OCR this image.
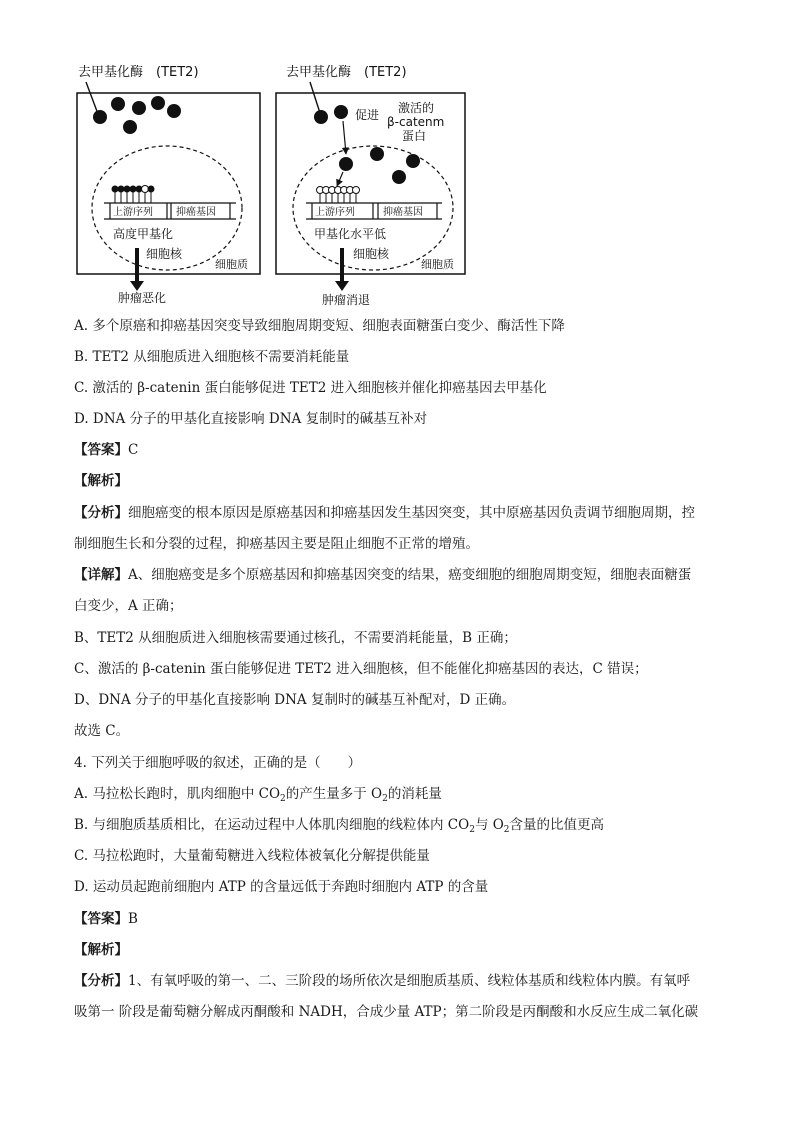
去甲基化酶　(TET2)
上游序列 抑癌基因
高度甲基化
细胞核
细胞质
肿瘤恶化
去甲基化酶　(TET2)
促进 激活的
β-catenm
蛋白
上游序列	抑癌基因
甲基化水平低
细胞核
细胞质
肿瘤消退
A. 多个原癌和抑癌基因突变导致细胞周期变短、细胞表面糖蛋白变少、酶活性下降
B. TET2 从细胞质进入细胞核不需要消耗能量
C. 激活的 β-catenin 蛋白能够促进 TET2 进入细胞核并催化抑癌基因去甲基化
D. DNA 分子的甲基化直接影响 DNA 复制时的碱基互补对
【答案】C
【解析】
【分析】细胞癌变的根本原因是原癌基因和抑癌基因发生基因突变，其中原癌基因负责调节细胞周期，控
制细胞生长和分裂的过程，抑癌基因主要是阻止细胞不正常的增殖。
【详解】A、细胞癌变是多个原癌基因和抑癌基因突变的结果，癌变细胞的细胞周期变短，细胞表面糖蛋
白变少，A 正确；
B、TET2 从细胞质进入细胞核需要通过核孔，不需要消耗能量，B 正确；
C、激活的 β-catenin 蛋白能够促进 TET2 进入细胞核，但不能催化抑癌基因的表达，C 错误；
D、DNA 分子的甲基化直接影响 DNA 复制时的碱基互补配对，D 正确。
故选 C。
4. 下列关于细胞呼吸的叙述，正确的是（　　）
A. 马拉松长跑时，肌肉细胞中 $CO_2$的产生量多于 $O_2$的消耗量
B. 与细胞质基质相比，在运动过程中人体肌肉细胞的线粒体内 $CO_2$与 $O_2$含量的比值更高
C. 马拉松跑时，大量葡萄糖进入线粒体被氧化分解提供能量
D. 运动员起跑前细胞内 ATP 的含量远低于奔跑时细胞内 ATP 的含量
【答案】B
【解析】
【分析】1、有氧呼吸的第一、二、三阶段的场所依次是细胞质基质、线粒体基质和线粒体内膜。有氧呼
吸第一 阶段是葡萄糖分解成丙酮酸和 NADH，合成少量 ATP；第二阶段是丙酮酸和水反应生成二氧化碳
